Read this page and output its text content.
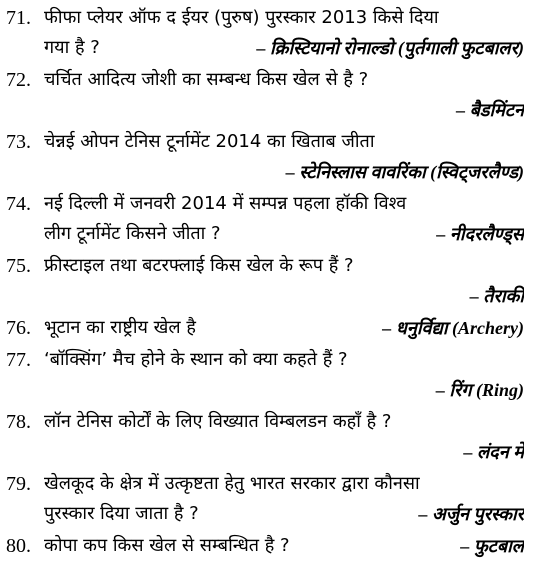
71. फीफा प्लेयर ऑफ द ईयर (पुरुष) पुरस्कार 2013 किसे दिया
गया है ?	– क्रिस्टियानो रोनाल्डो (पुर्तगाली फुटबालर)
72. चर्चित आदित्य जोशी का सम्बन्ध किस खेल से है ?
– बैडमिंटन
73. चेन्नई ओपन टेनिस टूर्नामेंट 2014 का खिताब जीता
– स्टेनिस्लास वावरिंका (स्विट्जरलैण्ड)
74. नई दिल्ली में जनवरी 2014 में सम्पन्न पहला हॉकी विश्व
लीग टूर्नामेंट किसने जीता ?	– नीदरलैण्ड्स
75. फ्रीस्टाइल तथा बटरफ्लाई किस खेल के रूप हैं ?
– तैराकी
76. भूटान का राष्ट्रीय खेल है	– धनुर्विद्या (Archery)
77. ‘बॉक्सिंग’ मैच होने के स्थान को क्या कहते हैं ?
– रिंग (Ring)
78. लॉन टेनिस कोर्टों के लिए विख्यात विम्बलडन कहाँ है ?
– लंदन में
79. खेलकूद के क्षेत्र में उत्कृष्टता हेतु भारत सरकार द्वारा कौनसा
पुरस्कार दिया जाता है ?	– अर्जुन पुरस्कार
80. कोपा कप किस खेल से सम्बन्धित है ?	– फुटबाल
